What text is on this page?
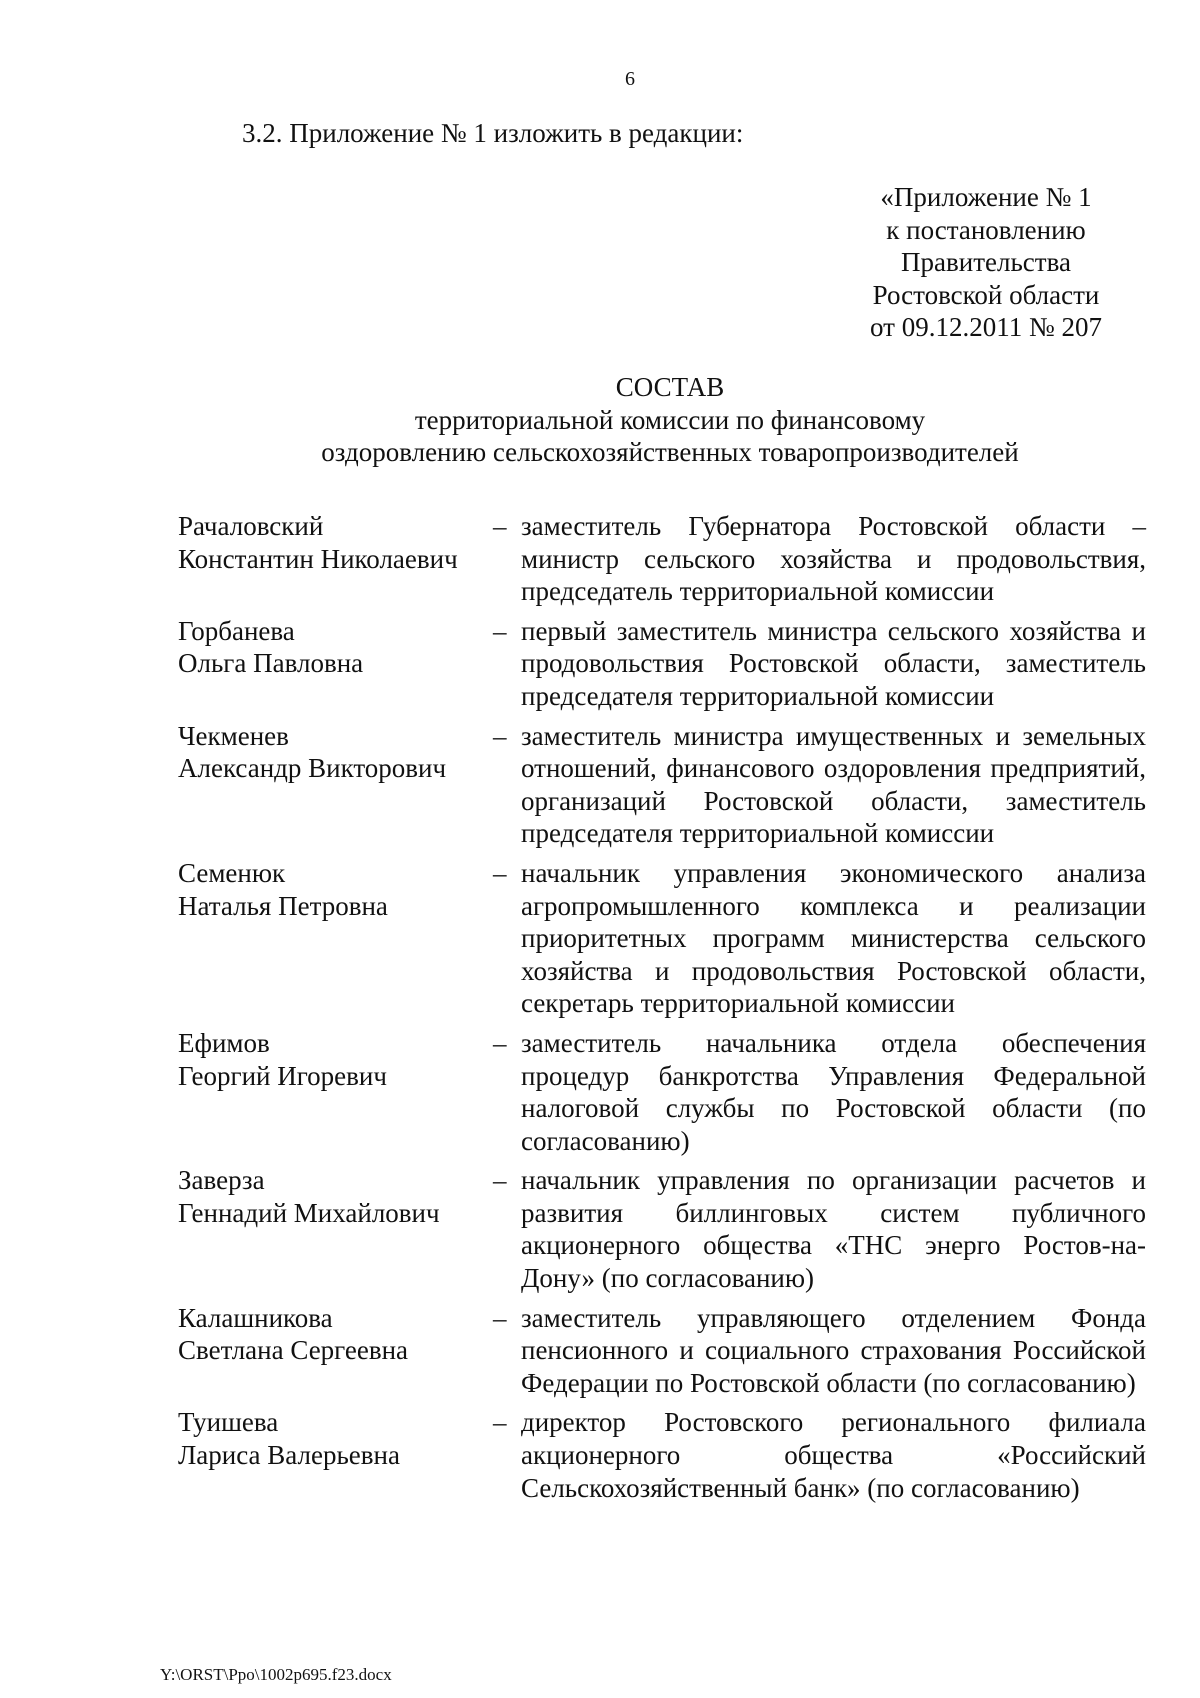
6
3.2. Приложение № 1 изложить в редакции:
«Приложение № 1
к постановлению
Правительства
Ростовской области
от 09.12.2011 № 207
СОСТАВ
территориальной комиссии по финансовому
оздоровлению сельскохозяйственных товаропроизводителей
Рачаловский
Константин Николаевич
– заместитель Губернатора Ростовской области – министр сельского хозяйства и продовольствия, председатель территориальной комиссии
Горбанева
Ольга Павловна
– первый заместитель министра сельского хозяйства и продовольствия Ростовской области, заместитель председателя территориальной комиссии
Чекменев
Александр Викторович
– заместитель министра имущественных и земельных отношений, финансового оздоровления предприятий, организаций Ростовской области, заместитель председателя территориальной комиссии
Семенюк
Наталья Петровна
– начальник управления экономического анализа агропромышленного комплекса и реализации приоритетных программ министерства сельского хозяйства и продовольствия Ростовской области, секретарь территориальной комиссии
Ефимов
Георгий Игоревич
– заместитель начальника отдела обеспечения процедур банкротства Управления Федеральной налоговой службы по Ростовской области (по согласованию)
Заверза
Геннадий Михайлович
– начальник управления по организации расчетов и развития биллинговых систем публичного акционерного общества «ТНС энерго Ростов-на-Дону» (по согласованию)
Калашникова
Светлана Сергеевна
– заместитель управляющего отделением Фонда пенсионного и социального страхования Российской Федерации по Ростовской области (по согласованию)
Туишева
Лариса Валерьевна
– директор Ростовского регионального филиала акционерного общества «Российский Сельскохозяйственный банк» (по согласованию)
Y:\ORST\Ppo\1002p695.f23.docx
